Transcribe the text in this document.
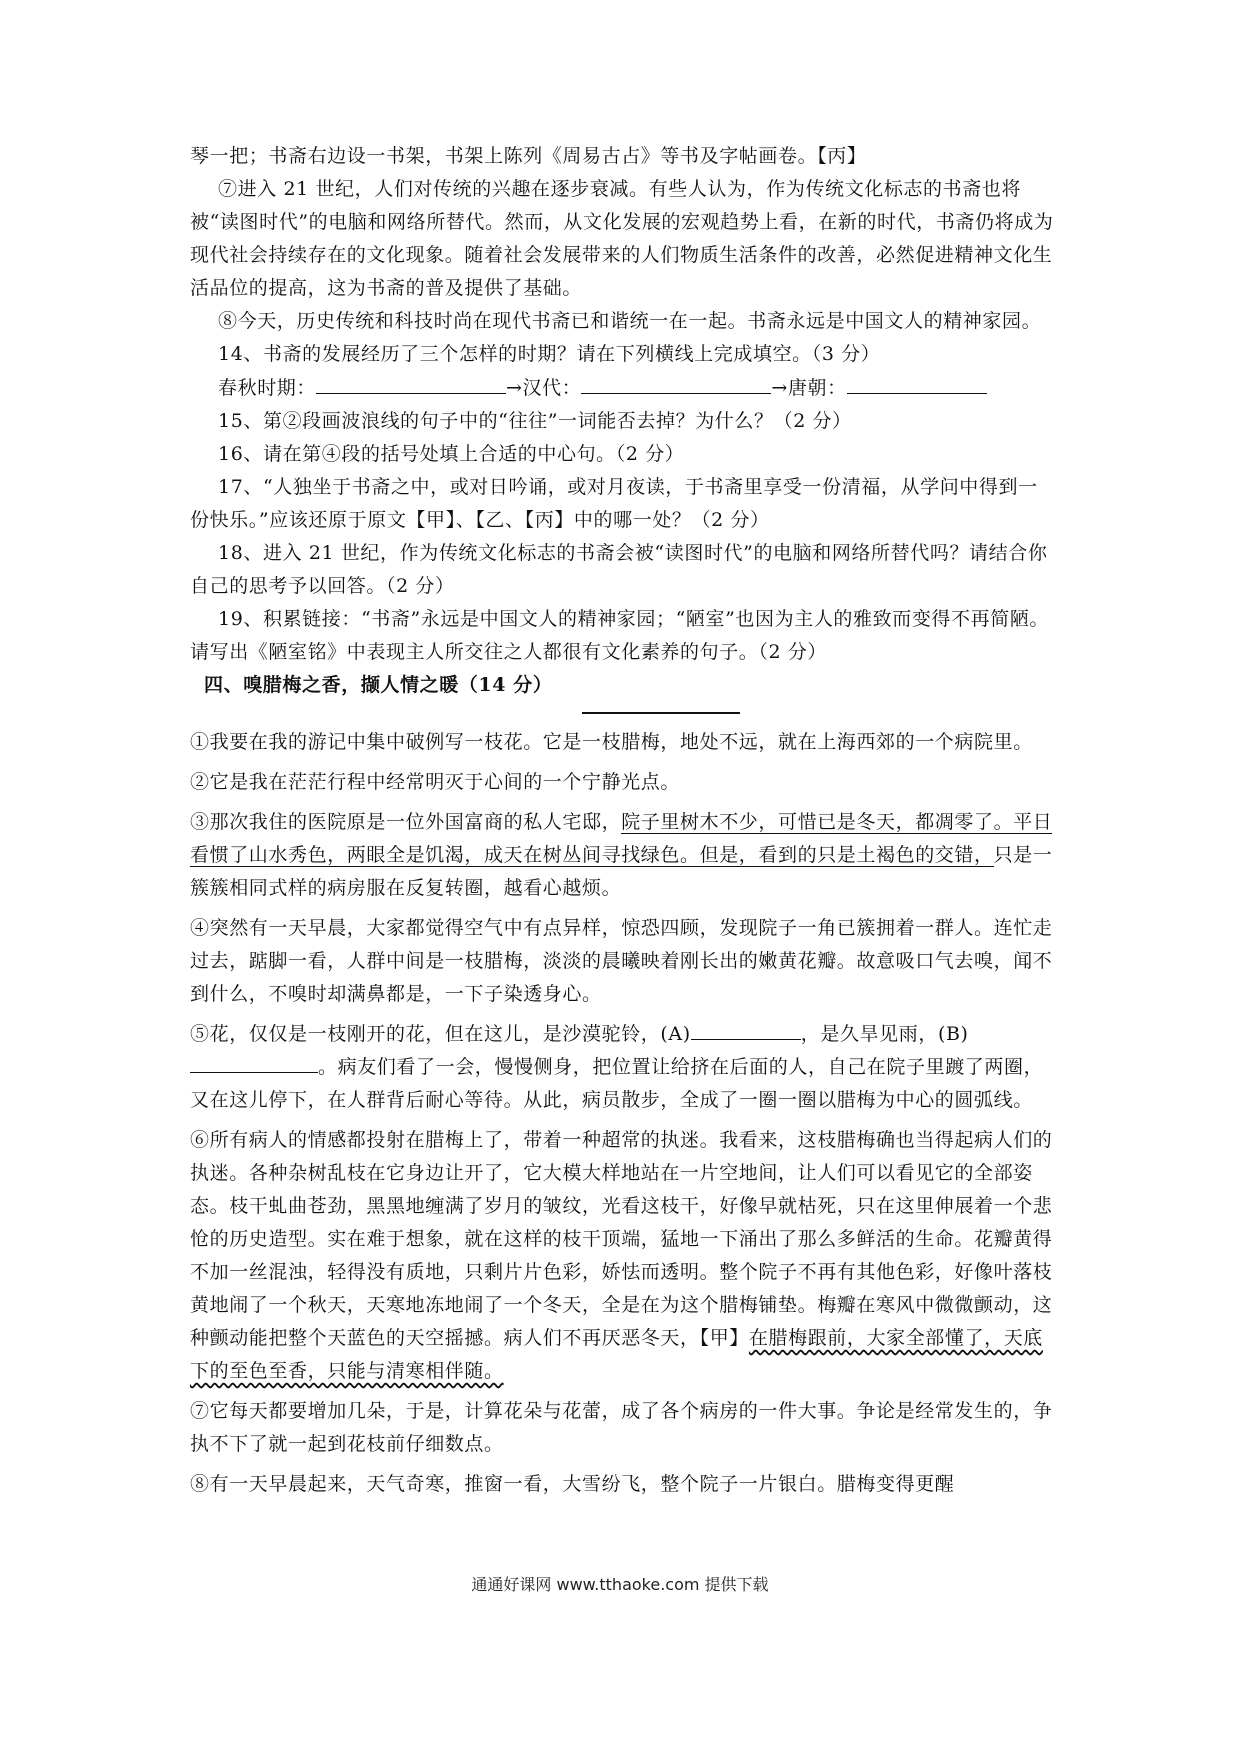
琴一把；书斋右边设一书架，书架上陈列《周易古占》等书及字帖画卷。【丙】

⑦进入 21 世纪，人们对传统的兴趣在逐步衰减。有些人认为，作为传统文化标志的书斋也将被“读图时代”的电脑和网络所替代。然而，从文化发展的宏观趋势上看，在新的时代，书斋仍将成为现代社会持续存在的文化现象。随着社会发展带来的人们物质生活条件的改善，必然促进精神文化生活品位的提高，这为书斋的普及提供了基础。

⑧今天，历史传统和科技时尚在现代书斋已和谐统一在一起。书斋永远是中国文人的精神家园。

14、书斋的发展经历了三个怎样的时期？请在下列横线上完成填空。（3 分）

春秋时期：	→汉代：	→唐朝：

15、第②段画波浪线的句子中的“往往”一词能否去掉？为什么？（2 分）

16、请在第④段的括号处填上合适的中心句。（2 分）

17、“人独坐于书斋之中，或对日吟诵，或对月夜读，于书斋里享受一份清福，从学问中得到一份快乐。”应该还原于原文【甲】、【乙、【丙】中的哪一处？（2 分）

18、进入 21 世纪，作为传统文化标志的书斋会被“读图时代”的电脑和网络所替代吗？请结合你自己的思考予以回答。（2 分）

19、积累链接：“书斋”永远是中国文人的精神家园；“陋室”也因为主人的雅致而变得不再简陋。请写出《陋室铭》中表现主人所交往之人都很有文化素养的句子。（2 分）

四、嗅腊梅之香，撷人情之暖（14 分）

①我要在我的游记中集中破例写一枝花。它是一枝腊梅，地处不远，就在上海西郊的一个病院里。

②它是我在茫茫行程中经常明灭于心间的一个宁静光点。

③那次我住的医院原是一位外国富商的私人宅邸，院子里树木不少，可惜已是冬天，都凋零了。平日看惯了山水秀色，两眼全是饥渴，成天在树丛间寻找绿色。但是，看到的只是土褐色的交错，只是一簇簇相同式样的病房服在反复转圈，越看心越烦。

④突然有一天早晨，大家都觉得空气中有点异样，惊恐四顾，发现院子一角已簇拥着一群人。连忙走过去，踮脚一看，人群中间是一枝腊梅，淡淡的晨曦映着刚长出的嫩黄花瓣。故意吸口气去嗅，闻不到什么，不嗅时却满鼻都是，一下子染透身心。

⑤花，仅仅是一枝刚开的花，但在这儿，是沙漠驼铃，(A)	，是久旱见雨，(B)。病友们看了一会，慢慢侧身，把位置让给挤在后面的人，自己在院子里踱了两圈，又在这儿停下，在人群背后耐心等待。从此，病员散步，全成了一圈一圈以腊梅为中心的圆弧线。

⑥所有病人的情感都投射在腊梅上了，带着一种超常的执迷。我看来，这枝腊梅确也当得起病人们的执迷。各种杂树乱枝在它身边让开了，它大模大样地站在一片空地间，让人们可以看见它的全部姿态。枝干虬曲苍劲，黑黑地缠满了岁月的皱纹，光看这枝干，好像早就枯死，只在这里伸展着一个悲怆的历史造型。实在难于想象，就在这样的枝干顶端，猛地一下涌出了那么多鲜活的生命。花瓣黄得不加一丝混浊，轻得没有质地，只剩片片色彩，娇怯而透明。整个院子不再有其他色彩，好像叶落枝黄地闹了一个秋天，天寒地冻地闹了一个冬天，全是在为这个腊梅铺垫。梅瓣在寒风中微微颤动，这种颤动能把整个天蓝色的天空摇撼。病人们不再厌恶冬天，【甲】在腊梅跟前，大家全部懂了，天底下的至色至香，只能与清寒相伴随。

⑦它每天都要增加几朵，于是，计算花朵与花蕾，成了各个病房的一件大事。争论是经常发生的，争执不下了就一起到花枝前仔细数点。

⑧有一天早晨起来，天气奇寒，推窗一看，大雪纷飞，整个院子一片银白。腊梅变得更醒

通通好课网 www.tthaoke.com 提供下载
